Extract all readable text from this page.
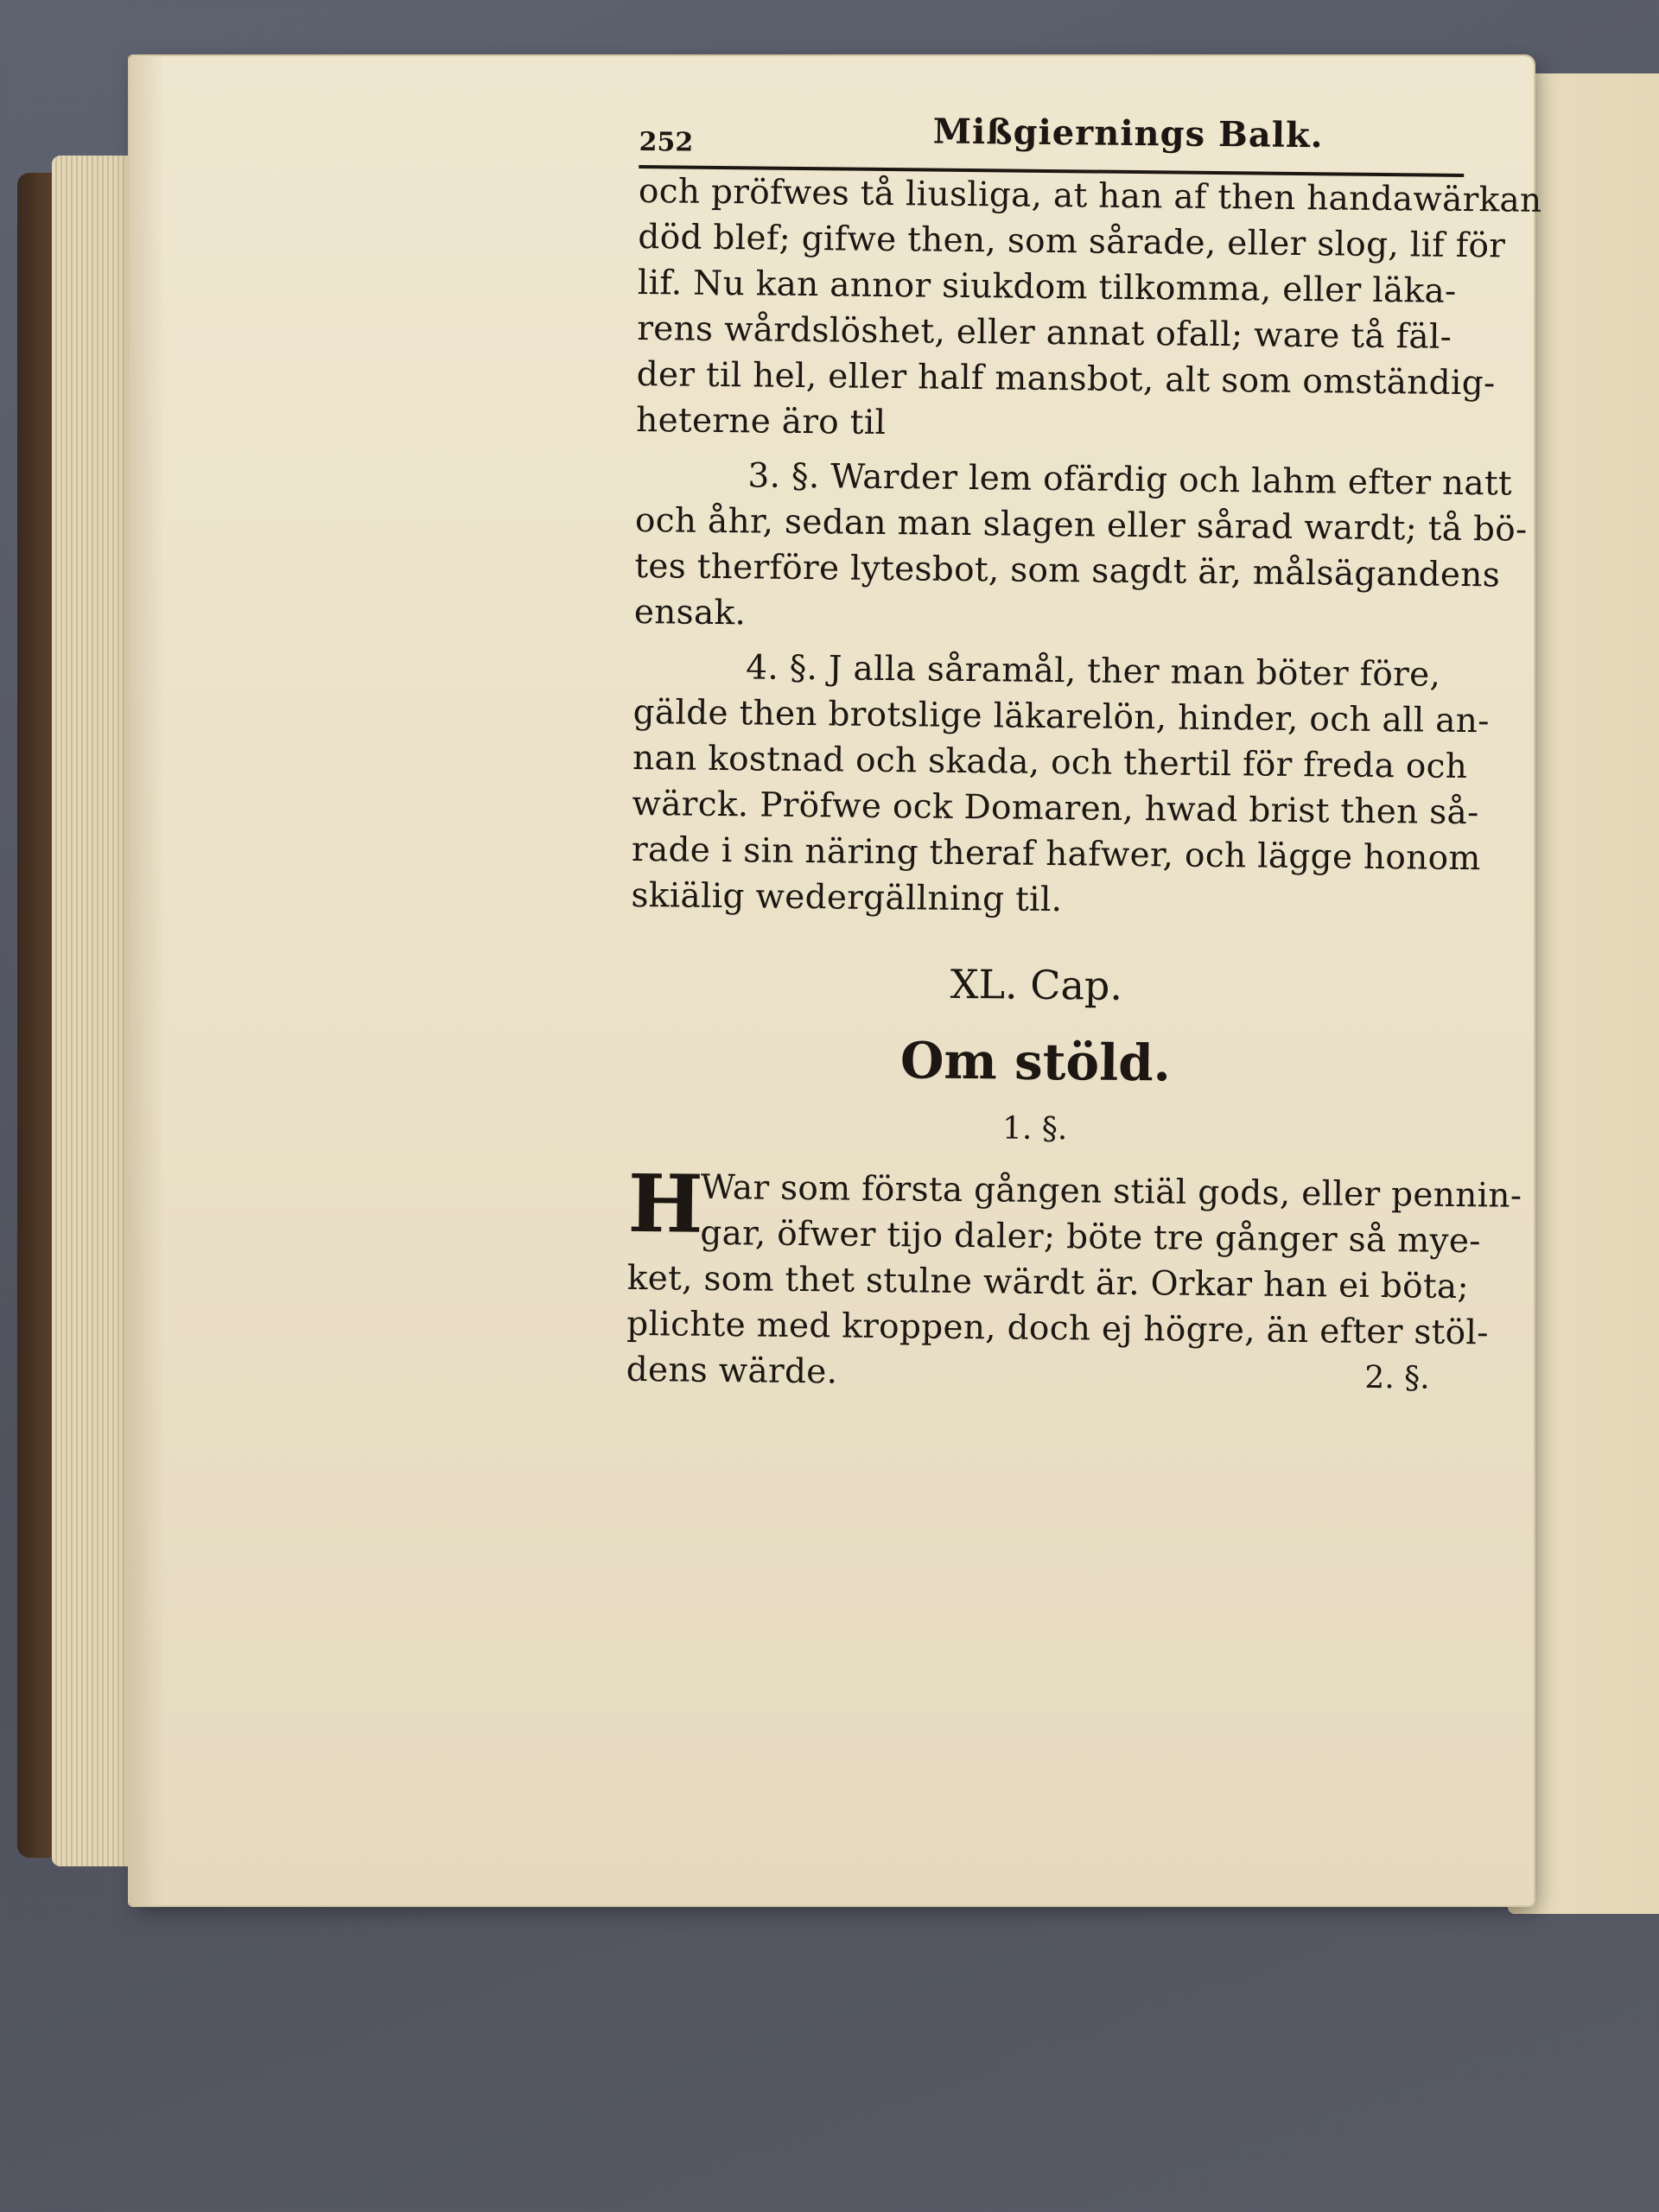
252	Mißgiernings Balk.
och pröfwes tå liusliga, at han af then handawärkan
död blef; gifwe then, som sårade, eller slog, lif för
lif. Nu kan annor siukdom tilkomma, eller läka-
rens wårdslöshet, eller annat ofall; ware tå fäl-
der til hel, eller half mansbot, alt som omständig-
heterne äro til
3. §. Warder lem ofärdig och lahm efter natt
och åhr, sedan man slagen eller sårad wardt; tå bö-
tes therföre lytesbot, som sagdt är, målsägandens
ensak.
4. §. J alla såramål, ther man böter före,
gälde then brotslige läkarelön, hinder, och all an-
nan kostnad och skada, och thertil för freda och
wärck. Pröfwe ock Domaren, hwad brist then så-
rade i sin näring theraf hafwer, och lägge honom
skiälig wedergällning til.
XL. Cap.
Om stöld.
1. §.
H
War som första gången stiäl gods, eller pennin-
gar, öfwer tijo daler; böte tre gånger så mye-
ket, som thet stulne wärdt är. Orkar han ei böta;
plichte med kroppen, doch ej högre, än efter stöl-
dens wärde.	2. §.
